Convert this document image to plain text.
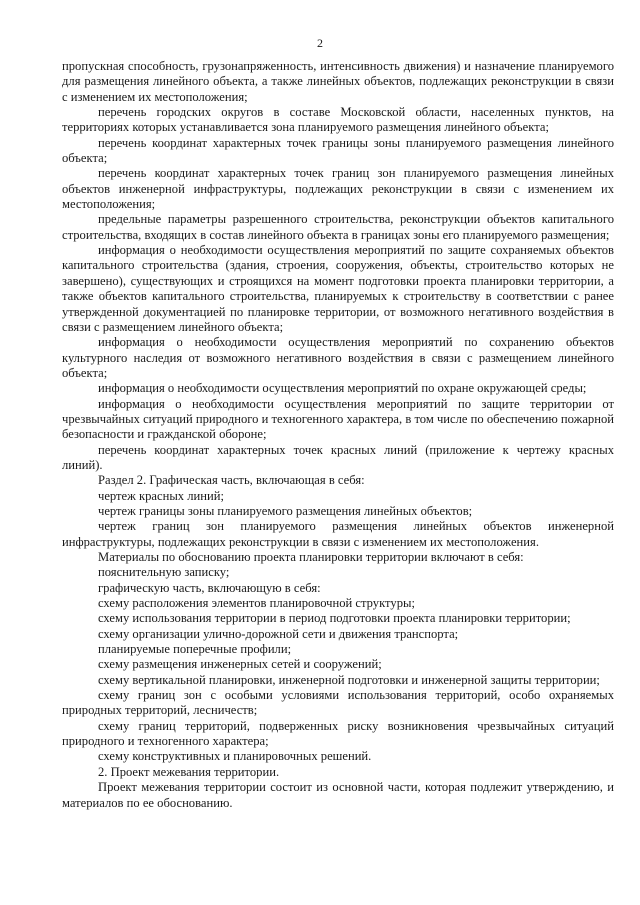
2

пропускная способность, грузонапряженность, интенсивность движения) и назначение планируемого для размещения линейного объекта, а также линейных объектов, подлежащих реконструкции в связи с изменением их местоположения;

перечень городских округов в составе Московской области, населенных пунктов, на территориях которых устанавливается зона планируемого размещения линейного объекта;

перечень координат характерных точек границы зоны планируемого размещения линейного объекта;

перечень координат характерных точек границ зон планируемого размещения линейных объектов инженерной инфраструктуры, подлежащих реконструкции в связи с изменением их местоположения;

предельные параметры разрешенного строительства, реконструкции объектов капитального строительства, входящих в состав линейного объекта в границах зоны его планируемого размещения;

информация о необходимости осуществления мероприятий по защите сохраняемых объектов капитального строительства (здания, строения, сооружения, объекты, строительство которых не завершено), существующих и строящихся на момент подготовки проекта планировки территории, а также объектов капитального строительства, планируемых к строительству в соответствии с ранее утвержденной документацией по планировке территории, от возможного негативного воздействия в связи с размещением линейного объекта;

информация о необходимости осуществления мероприятий по сохранению объектов культурного наследия от возможного негативного воздействия в связи с размещением линейного объекта;

информация о необходимости осуществления мероприятий по охране окружающей среды;

информация о необходимости осуществления мероприятий по защите территории от чрезвычайных ситуаций природного и техногенного характера, в том числе по обеспечению пожарной безопасности и гражданской обороне;

перечень координат характерных точек красных линий (приложение к чертежу красных линий).

Раздел 2. Графическая часть, включающая в себя:

чертеж красных линий;

чертеж границы зоны планируемого размещения линейных объектов;

чертеж границ зон планируемого размещения линейных объектов инженерной инфраструктуры, подлежащих реконструкции в связи с изменением их местоположения.

Материалы по обоснованию проекта планировки территории включают в себя:

пояснительную записку;

графическую часть, включающую в себя:

схему расположения элементов планировочной структуры;

схему использования территории в период подготовки проекта планировки территории;

схему организации улично-дорожной сети и движения транспорта;

планируемые поперечные профили;

схему размещения инженерных сетей и сооружений;

схему вертикальной планировки, инженерной подготовки и инженерной защиты территории;

схему границ зон с особыми условиями использования территорий, особо охраняемых природных территорий, лесничеств;

схему границ территорий, подверженных риску возникновения чрезвычайных ситуаций природного и техногенного характера;

схему конструктивных и планировочных решений.

2. Проект межевания территории.

Проект межевания территории состоит из основной части, которая подлежит утверждению, и материалов по ее обоснованию.
